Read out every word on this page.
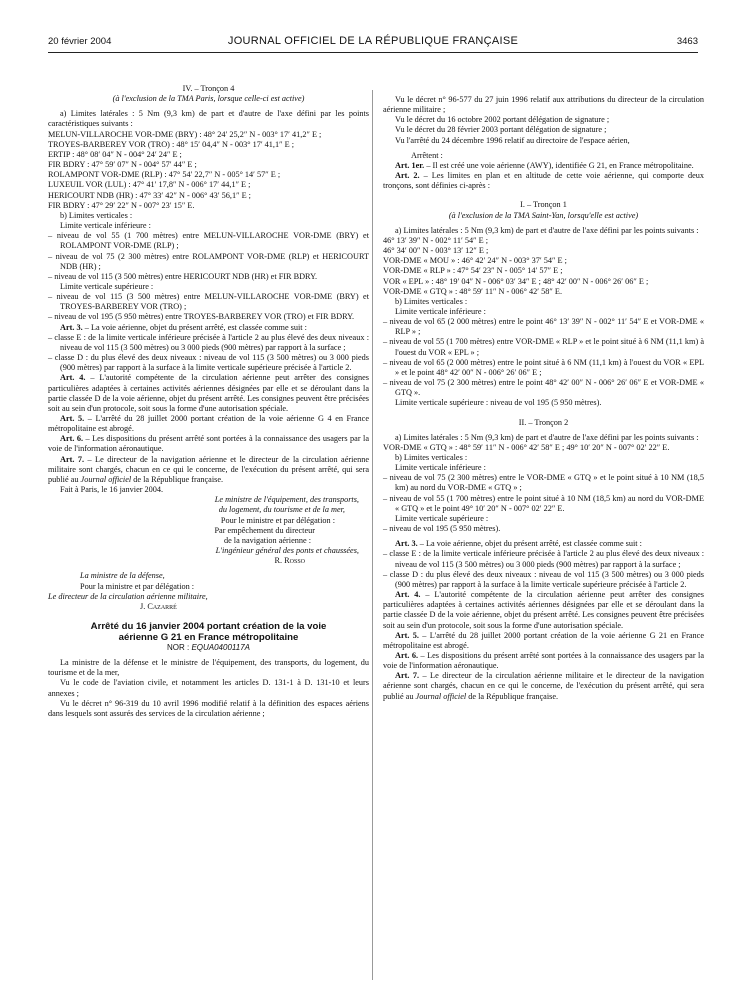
20 février 2004	JOURNAL OFFICIEL DE LA RÉPUBLIQUE FRANÇAISE	3463

IV. – Tronçon 4

(à l'exclusion de la TMA Paris, lorsque celle-ci est active)

a) Limites latérales : 5 Nm (9,3 km) de part et d'autre de l'axe défini par les points caractéristiques suivants :

MELUN-VILLAROCHE VOR-DME (BRY) : 48° 24′ 25,2″ N - 003° 17′ 41,2″ E ;

TROYES-BARBEREY VOR (TRO) : 48° 15′ 04,4″ N - 003° 17′ 41,1″ E ;

ERTIP : 48° 08′ 04″ N - 004° 24′ 24″ E ;

FIR BDRY : 47° 59′ 07″ N - 004° 57′ 44″ E ;

ROLAMPONT VOR-DME (RLP) : 47° 54′ 22,7″ N - 005° 14′ 57″ E ;

LUXEUIL VOR (LUL) : 47° 41′ 17,8″ N - 006° 17′ 44,1″ E ;

HERICOURT NDB (HR) : 47° 33′ 42″ N - 006° 43′ 56,1″ E ;

FIR BDRY : 47° 29′ 22″ N - 007° 23′ 15″ E.

b) Limites verticales :

Limite verticale inférieure :

– niveau de vol 55 (1 700 mètres) entre MELUN-VILLAROCHE VOR-DME (BRY) et ROLAMPONT VOR-DME (RLP) ;

– niveau de vol 75 (2 300 mètres) entre ROLAMPONT VOR-DME (RLP) et HERICOURT NDB (HR) ;

– niveau de vol 115 (3 500 mètres) entre HERICOURT NDB (HR) et FIR BDRY.

Limite verticale supérieure :

– niveau de vol 115 (3 500 mètres) entre MELUN-VILLAROCHE VOR-DME (BRY) et TROYES-BARBEREY VOR (TRO) ;

– niveau de vol 195 (5 950 mètres) entre TROYES-BARBEREY VOR (TRO) et FIR BDRY.

Art. 3. – La voie aérienne, objet du présent arrêté, est classée comme suit :

– classe E : de la limite verticale inférieure précisée à l'article 2 au plus élevé des deux niveaux : niveau de vol 115 (3 500 mètres) ou 3 000 pieds (900 mètres) par rapport à la surface ;

– classe D : du plus élevé des deux niveaux : niveau de vol 115 (3 500 mètres) ou 3 000 pieds (900 mètres) par rapport à la surface à la limite verticale supérieure précisée à l'article 2.

Art. 4. – L'autorité compétente de la circulation aérienne peut arrêter des consignes particulières adaptées à certaines activités aériennes désignées par elle et se déroulant dans la partie classée D de la voie aérienne, objet du présent arrêté. Les consignes peuvent être précisées soit au sein d'un protocole, soit sous la forme d'une autorisation spéciale.

Art. 5. – L'arrêté du 28 juillet 2000 portant création de la voie aérienne G 4 en France métropolitaine est abrogé.

Art. 6. – Les dispositions du présent arrêté sont portées à la connaissance des usagers par la voie de l'information aéronautique.

Art. 7. – Le directeur de la navigation aérienne et le directeur de la circulation aérienne militaire sont chargés, chacun en ce qui le concerne, de l'exécution du présent arrêté, qui sera publié au Journal officiel de la République française.

Fait à Paris, le 16 janvier 2004.

Le ministre de l'équipement, des transports,

du logement, du tourisme et de la mer,

Pour le ministre et par délégation :

Par empêchement du directeur

de la navigation aérienne :

L'ingénieur général des ponts et chaussées,

R. Rosso

La ministre de la défense,

Pour la ministre et par délégation :

Le directeur de la circulation aérienne militaire,

J. Cazarré

Arrêté du 16 janvier 2004 portant création de la voie aérienne G 21 en France métropolitaine

NOR : EQUA0400117A

La ministre de la défense et le ministre de l'équipement, des transports, du logement, du tourisme et de la mer,

Vu le code de l'aviation civile, et notamment les articles D. 131-1 à D. 131-10 et leurs annexes ;

Vu le décret n° 96-319 du 10 avril 1996 modifié relatif à la définition des espaces aériens dans lesquels sont assurés des services de la circulation aérienne ;

Vu le décret n° 96-577 du 27 juin 1996 relatif aux attributions du directeur de la circulation aérienne militaire ;

Vu le décret du 16 octobre 2002 portant délégation de signature ;

Vu le décret du 28 février 2003 portant délégation de signature ;

Vu l'arrêté du 24 décembre 1996 relatif au directoire de l'espace aérien,

Arrêtent :

Art. 1er. – Il est créé une voie aérienne (AWY), identifiée G 21, en France métropolitaine.

Art. 2. – Les limites en plan et en altitude de cette voie aérienne, qui comporte deux tronçons, sont définies ci-après :

I. – Tronçon 1

(à l'exclusion de la TMA Saint-Yan, lorsqu'elle est active)

a) Limites latérales : 5 Nm (9,3 km) de part et d'autre de l'axe défini par les points suivants :

46° 13′ 39″ N - 002° 11′ 54″ E ;

46° 34′ 00″ N - 003° 13′ 12″ E ;

VOR-DME « MOU » : 46° 42′ 24″ N - 003° 37′ 54″ E ;

VOR-DME « RLP » : 47° 54′ 23″ N - 005° 14′ 57″ E ;

VOR « EPL » : 48° 19′ 04″ N - 006° 03′ 34″ E ; 48° 42′ 00″ N - 006° 26′ 06″ E ;

VOR-DME « GTQ » : 48° 59′ 11″ N - 006° 42′ 58″ E.

b) Limites verticales :

Limite verticale inférieure :

– niveau de vol 65 (2 000 mètres) entre le point 46° 13′ 39″ N - 002° 11′ 54″ E et VOR-DME « RLP » ;

– niveau de vol 55 (1 700 mètres) entre VOR-DME « RLP » et le point situé à 6 NM (11,1 km) à l'ouest du VOR « EPL » ;

– niveau de vol 65 (2 000 mètres) entre le point situé à 6 NM (11,1 km) à l'ouest du VOR « EPL » et le point 48° 42′ 00″ N - 006° 26′ 06″ E ;

– niveau de vol 75 (2 300 mètres) entre le point 48° 42′ 00″ N - 006° 26′ 06″ E et VOR-DME « GTQ ».

Limite verticale supérieure : niveau de vol 195 (5 950 mètres).

II. – Tronçon 2

a) Limites latérales : 5 Nm (9,3 km) de part et d'autre de l'axe défini par les points suivants :

VOR-DME « GTQ » : 48° 59′ 11″ N - 006° 42′ 58″ E ; 49° 10′ 20″ N - 007° 02′ 22″ E.

b) Limites verticales :

Limite verticale inférieure :

– niveau de vol 75 (2 300 mètres) entre le VOR-DME « GTQ » et le point situé à 10 NM (18,5 km) au nord du VOR-DME « GTQ » ;

– niveau de vol 55 (1 700 mètres) entre le point situé à 10 NM (18,5 km) au nord du VOR-DME « GTQ » et le point 49° 10′ 20″ N - 007° 02′ 22″ E.

Limite verticale supérieure :

– niveau de vol 195 (5 950 mètres).

Art. 3. – La voie aérienne, objet du présent arrêté, est classée comme suit :

– classe E : de la limite verticale inférieure précisée à l'article 2 au plus élevé des deux niveaux : niveau de vol 115 (3 500 mètres) ou 3 000 pieds (900 mètres) par rapport à la surface ;

– classe D : du plus élevé des deux niveaux : niveau de vol 115 (3 500 mètres) ou 3 000 pieds (900 mètres) par rapport à la surface à la limite verticale supérieure précisée à l'article 2.

Art. 4. – L'autorité compétente de la circulation aérienne peut arrêter des consignes particulières adaptées à certaines activités aériennes désignées par elle et se déroulant dans la partie classée D de la voie aérienne, objet du présent arrêté. Les consignes peuvent être précisées soit au sein d'un protocole, soit sous la forme d'une autorisation spéciale.

Art. 5. – L'arrêté du 28 juillet 2000 portant création de la voie aérienne G 21 en France métropolitaine est abrogé.

Art. 6. – Les dispositions du présent arrêté sont portées à la connaissance des usagers par la voie de l'information aéronautique.

Art. 7. – Le directeur de la circulation aérienne militaire et le directeur de la navigation aérienne sont chargés, chacun en ce qui le concerne, de l'exécution du présent arrêté, qui sera publié au Journal officiel de la République française.
